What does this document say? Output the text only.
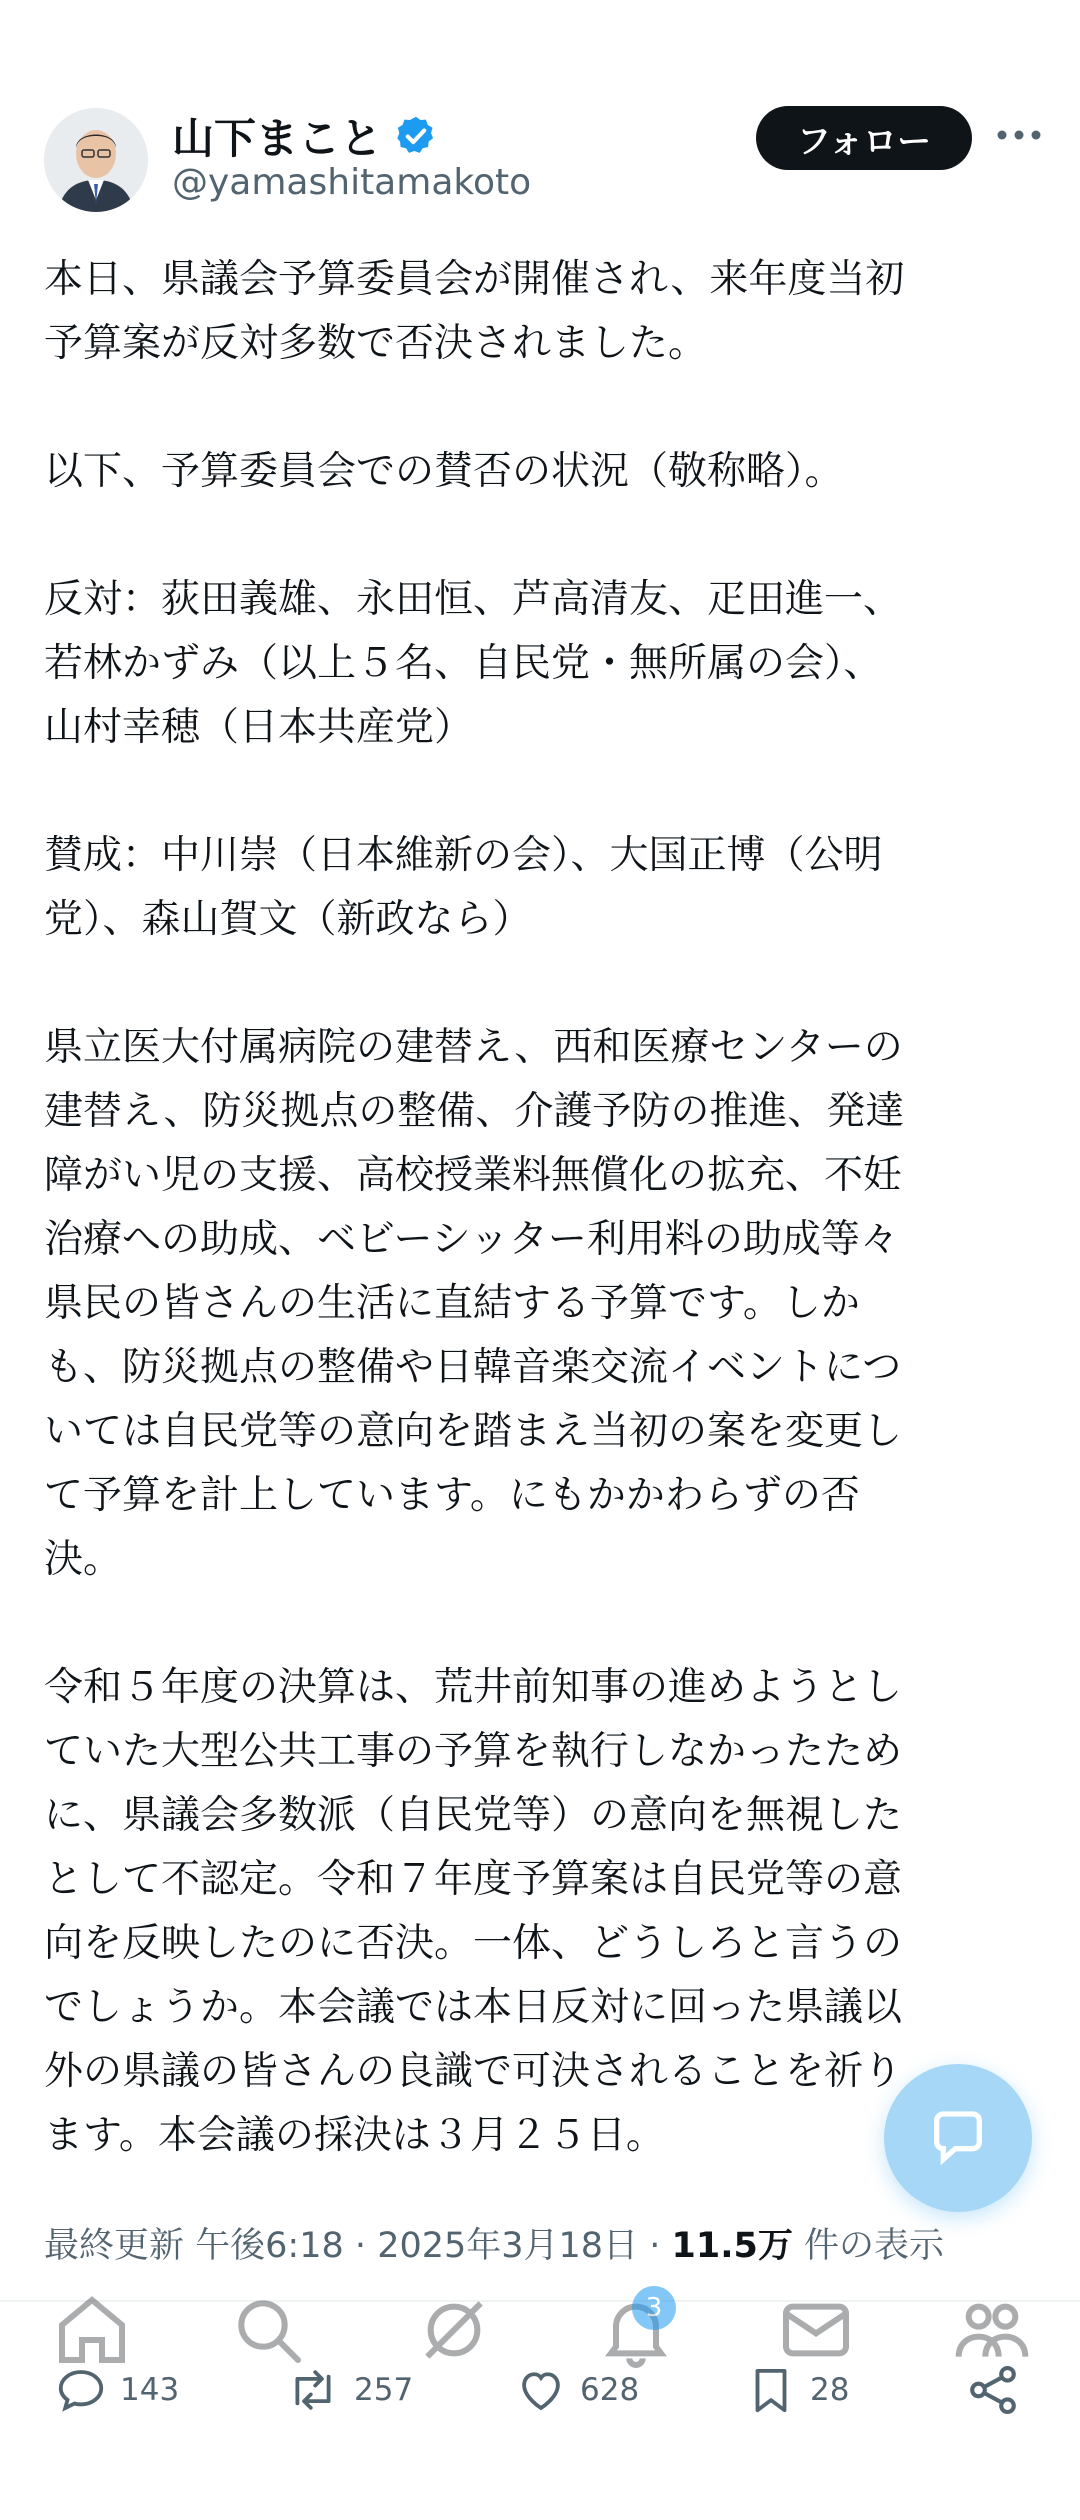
山下まこと
@yamashitamakoto
フォロー
本日、県議会予算委員会が開催され、来年度当初
予算案が反対多数で否決されました。

以下、予算委員会での賛否の状況（敬称略）。

反対：荻田義雄、永田恒、芦高清友、疋田進一、
若林かずみ（以上５名、自民党・無所属の会）、
山村幸穂（日本共産党）

賛成：中川崇（日本維新の会）、大国正博（公明
党）、森山賀文（新政なら）

県立医大付属病院の建替え、西和医療センターの
建替え、防災拠点の整備、介護予防の推進、発達
障がい児の支援、高校授業料無償化の拡充、不妊
治療への助成、ベビーシッター利用料の助成等々
県民の皆さんの生活に直結する予算です。しか
も、防災拠点の整備や日韓音楽交流イベントにつ
いては自民党等の意向を踏まえ当初の案を変更し
て予算を計上しています。にもかかわらずの否
決。

令和５年度の決算は、荒井前知事の進めようとし
ていた大型公共工事の予算を執行しなかったため
に、県議会多数派（自民党等）の意向を無視した
として不認定。令和７年度予算案は自民党等の意
向を反映したのに否決。一体、どうしろと言うの
でしょうか。本会議では本日反対に回った県議以
外の県議の皆さんの良識で可決されることを祈り
ます。本会議の採決は３月２５日。
最終更新 午後6:18 · 2025年3月18日 · 11.5万 件の表示
3
143	257	628	28
